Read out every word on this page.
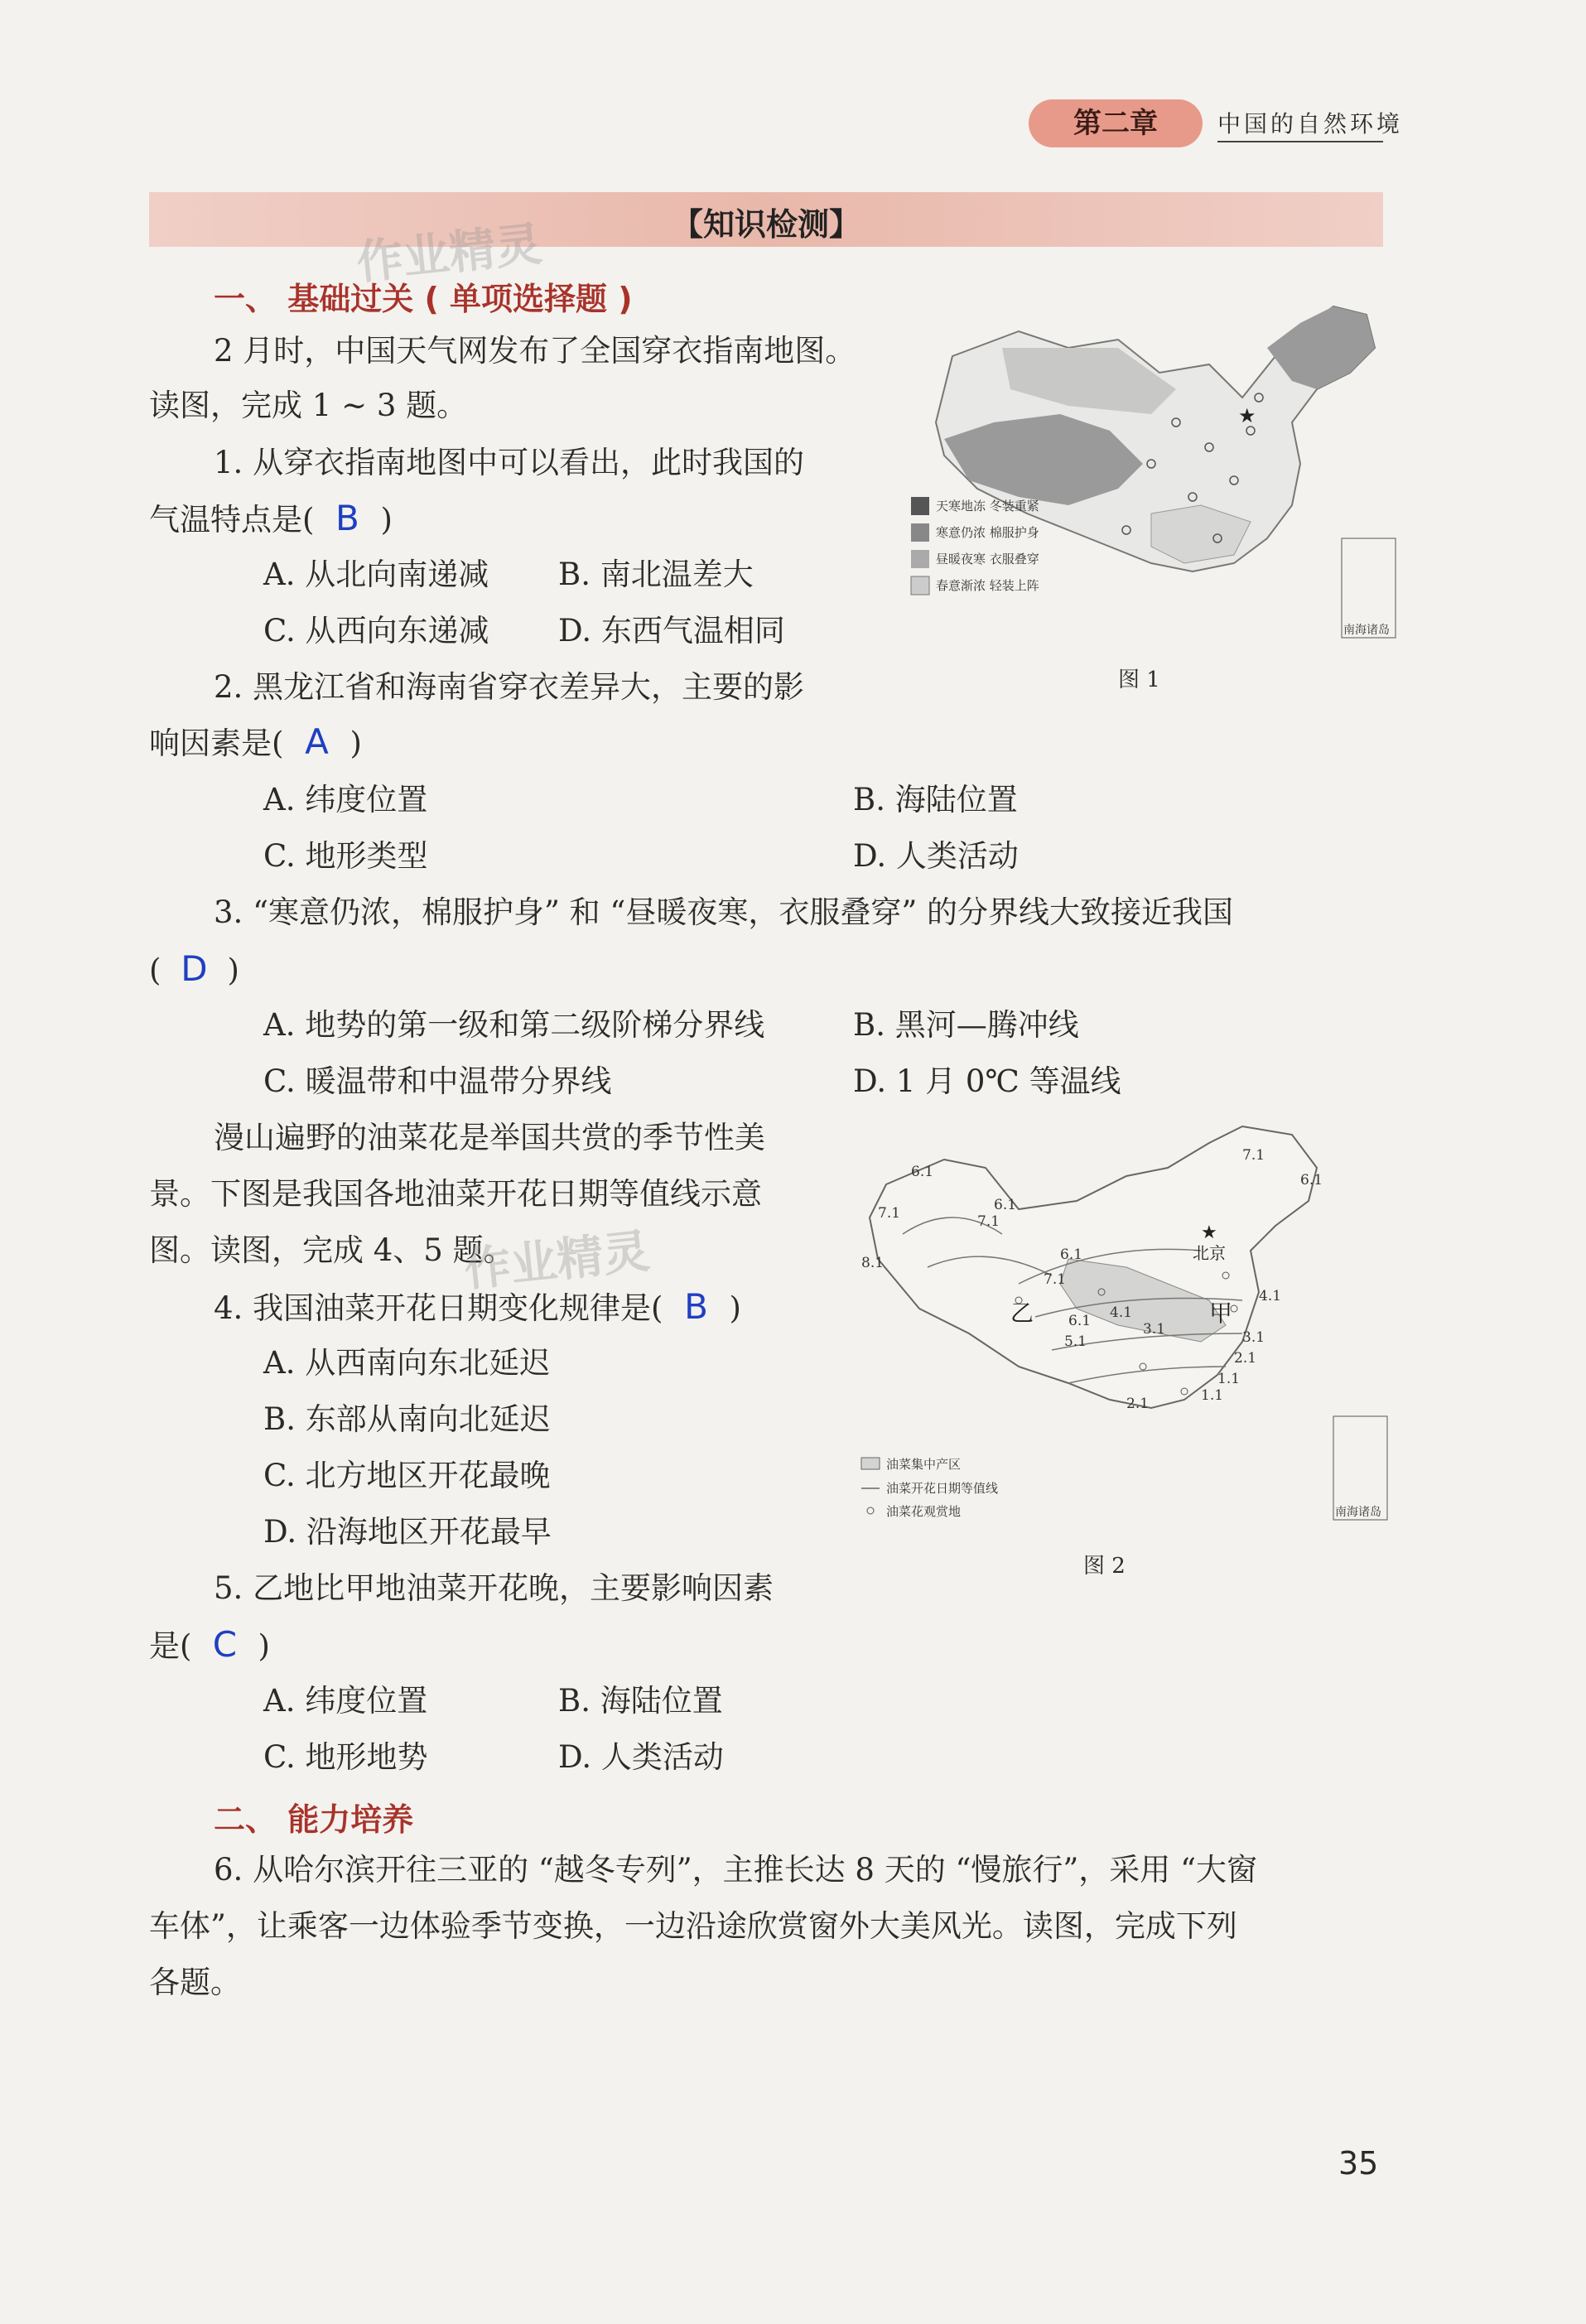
第二章	中国的自然环境
【知识检测】
作业精灵
一、 基础过关 ( 单项选择题 )
2 月时，中国天气网发布了全国穿衣指南地图。
读图，完成 1 ~ 3 题。
1. 从穿衣指南地图中可以看出，此时我国的
气温特点是( B )
A. 从北向南递减 B. 南北温差大
C. 从西向东递减 D. 东西气温相同
2. 黑龙江省和海南省穿衣差异大，主要的影
响因素是( A )
A. 纬度位置	B. 海陆位置
C. 地形类型	D. 人类活动
3. “寒意仍浓，棉服护身” 和 “昼暖夜寒，衣服叠穿” 的分界线大致接近我国
( D )
A. 地势的第一级和第二级阶梯分界线	B. 黑河—腾冲线
C. 暖温带和中温带分界线	D. 1 月 0℃ 等温线
★
南海诸岛
天寒地冻 冬装重紧
寒意仍浓 棉服护身
昼暖夜寒 衣服叠穿
春意渐浓 轻装上阵
图 1
漫山遍野的油菜花是举国共赏的季节性美
景。下图是我国各地油菜开花日期等值线示意
图。读图，完成 4、5 题。
作业精灵
4. 我国油菜开花日期变化规律是( B )
A. 从西南向东北延迟
B. 东部从南向北延迟
C. 北方地区开花最晚
D. 沿海地区开花最早
5. 乙地比甲地油菜开花晚，主要影响因素
是( C )
A. 纬度位置	B. 海陆位置
C. 地形地势	D. 人类活动
6.1
7.1
8.1
6.1
7.1
6.1
7.1
6.1
5.1
4.1
3.1
2.1	1.1
7.1
6.1
4.1
3.1
2.1
1.1
★
北京
甲
乙
南海诸岛
油菜集中产区
油菜开花日期等值线
油菜花观赏地
图 2
二、 能力培养
6. 从哈尔滨开往三亚的 “越冬专列”，主推长达 8 天的 “慢旅行”，采用 “大窗
车体”，让乘客一边体验季节变换，一边沿途欣赏窗外大美风光。读图，完成下列
各题。
35
